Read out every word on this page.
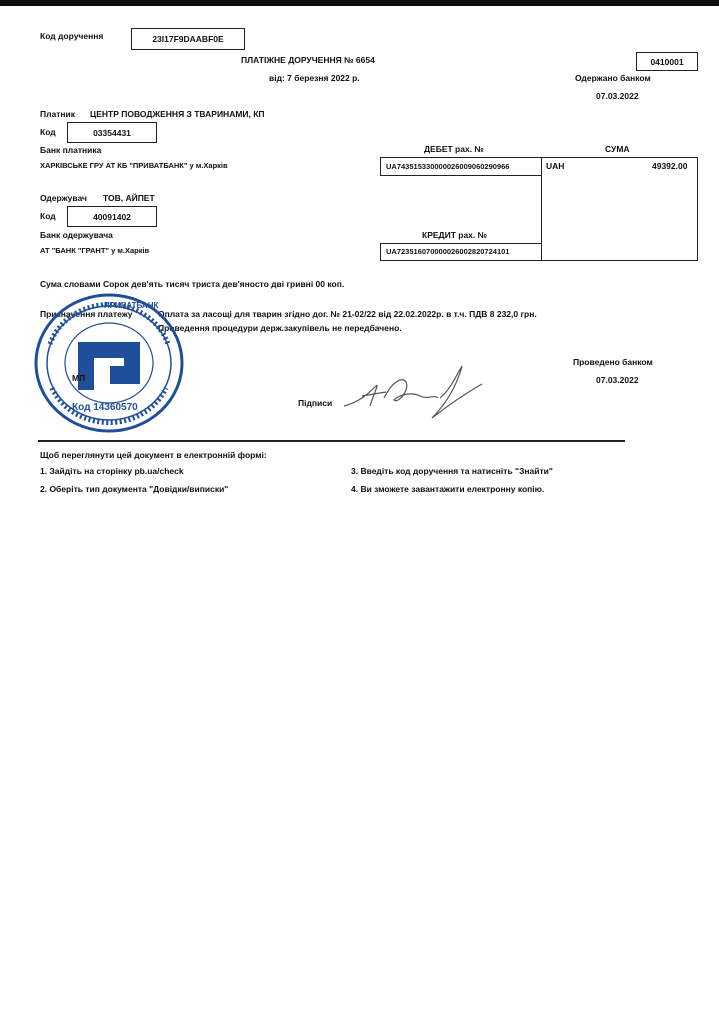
Код доручення	23I17F9DAABF0E
ПЛАТІЖНЕ ДОРУЧЕННЯ № 6654
від: 7 березня 2022 р.
0410001
Одержано банком
07.03.2022
Платник ЦЕНТР ПОВОДЖЕННЯ З ТВАРИНАМИ, КП
Код	03354431
Банк платника
ХАРКІВСЬКЕ ГРУ АТ КБ "ПРИВАТБАНК" у м.Харків
ДЕБЕТ рах. №	СУМА
UA743515330000026009060290966	UAH	49392.00
Одержувач ТОВ, АЙПЕТ
Код	40091402
Банк одержувача
АТ "БАНК "ГРАНТ" у м.Харків
КРЕДИТ рах. №
UA723516070000026002820724101
Сума словами Сорок дев'ять тисяч триста дев'яносто дві гривні 00 коп.
Призначення платежу	Оплата за ласощі для тварин згідно дог. № 21-02/22 від 22.02.2022р. в т.ч. ПДВ 8 232,0 грн.
Проведення процедури держ.закупівель не передбачено.
Код 14360570
ПРИВАТБАНК
МП
Проведено банком
07.03.2022
Підписи
Щоб переглянути цей документ в електронній формі:
1. Зайдіть на сторінку pb.ua/check
2. Оберіть тип документа "Довідки/виписки"
3. Введіть код доручення та натисніть "Знайти"
4. Ви зможете завантажити електронну копію.
